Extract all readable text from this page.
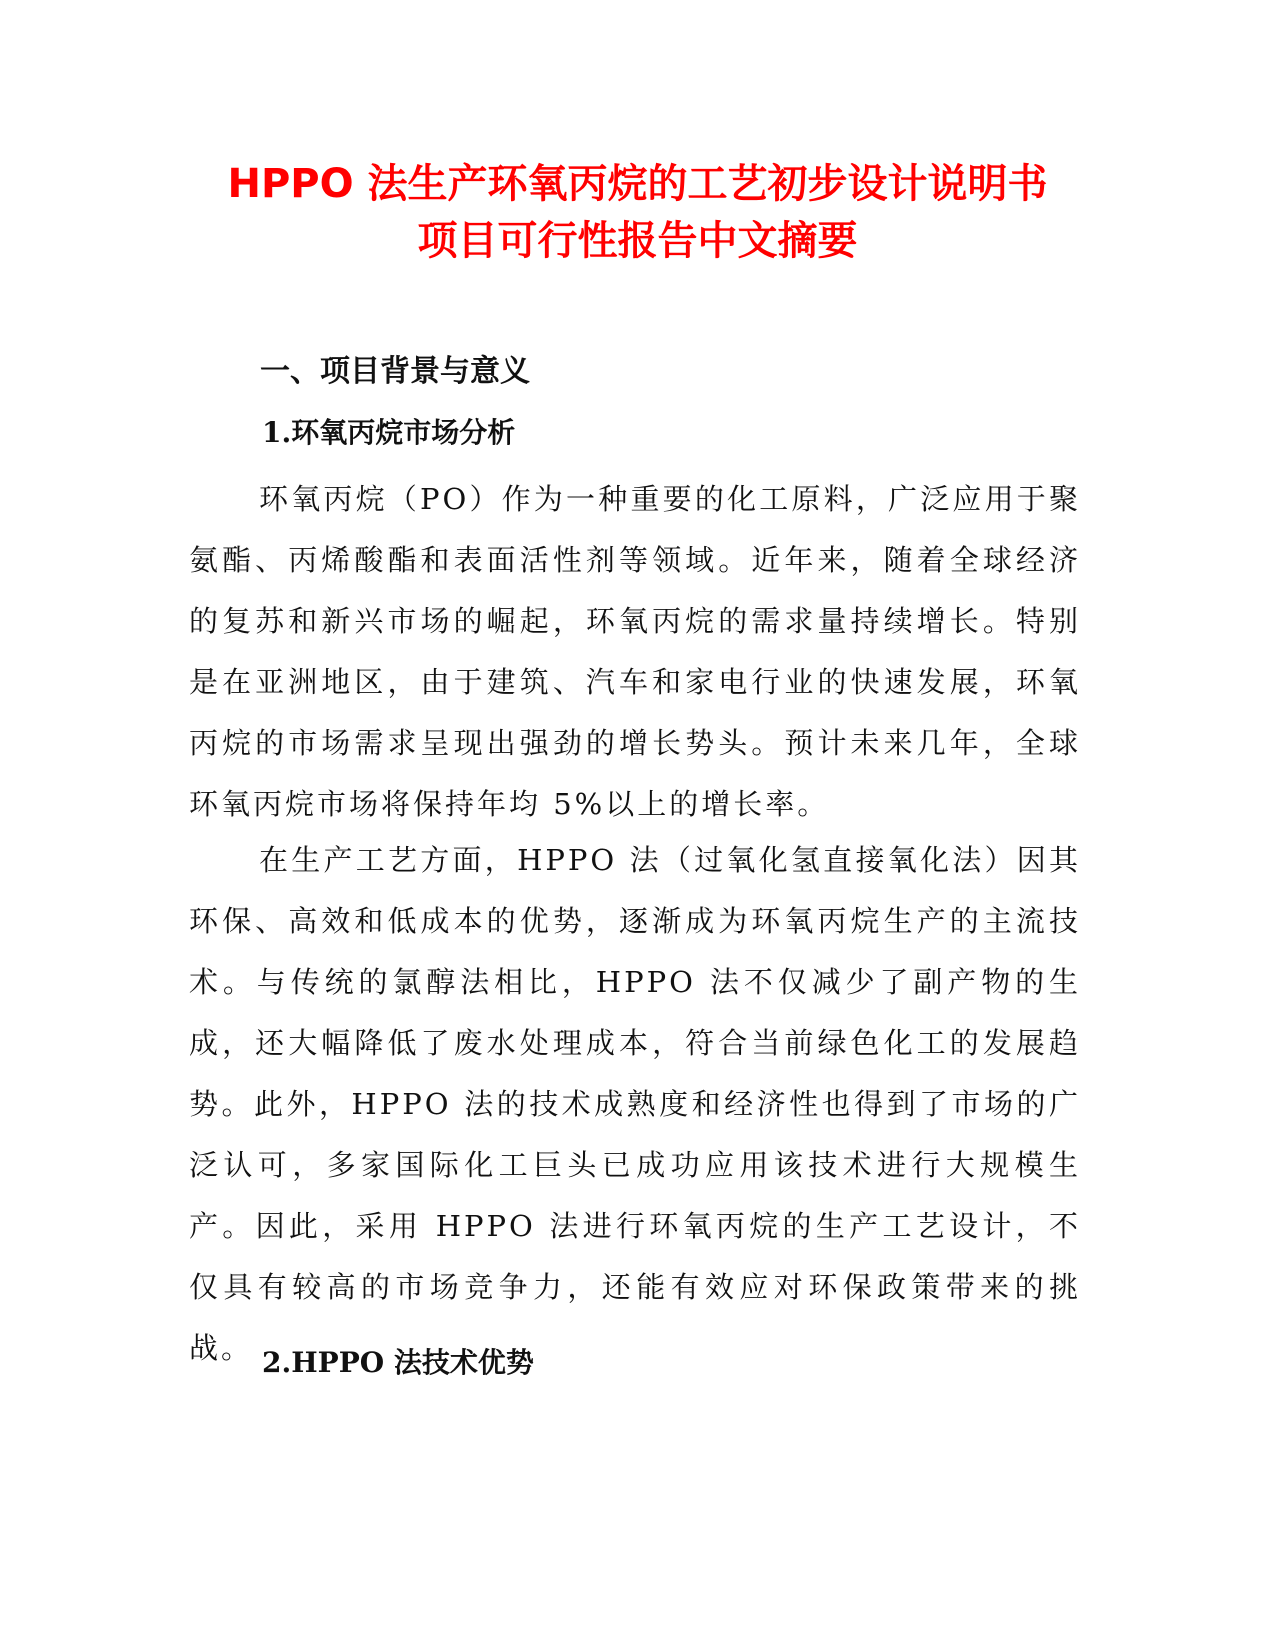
HPPO 法生产环氧丙烷的工艺初步设计说明书
项目可行性报告中文摘要
一、项目背景与意义
1.环氧丙烷市场分析

环氧丙烷（PO）作为一种重要的化工原料，广泛应用于聚氨酯、丙烯酸酯和表面活性剂等领域。近年来，随着全球经济的复苏和新兴市场的崛起，环氧丙烷的需求量持续增长。特别是在亚洲地区，由于建筑、汽车和家电行业的快速发展，环氧丙烷的市场需求呈现出强劲的增长势头。预计未来几年，全球环氧丙烷市场将保持年均 5%以上的增长率。

在生产工艺方面，HPPO 法（过氧化氢直接氧化法）因其环保、高效和低成本的优势，逐渐成为环氧丙烷生产的主流技术。与传统的氯醇法相比，HPPO 法不仅减少了副产物的生成，还大幅降低了废水处理成本，符合当前绿色化工的发展趋势。此外，HPPO 法的技术成熟度和经济性也得到了市场的广泛认可，多家国际化工巨头已成功应用该技术进行大规模生产。因此，采用 HPPO 法进行环氧丙烷的生产工艺设计，不仅具有较高的市场竞争力，还能有效应对环保政策带来的挑战。 2.HPPO 法技术优势
